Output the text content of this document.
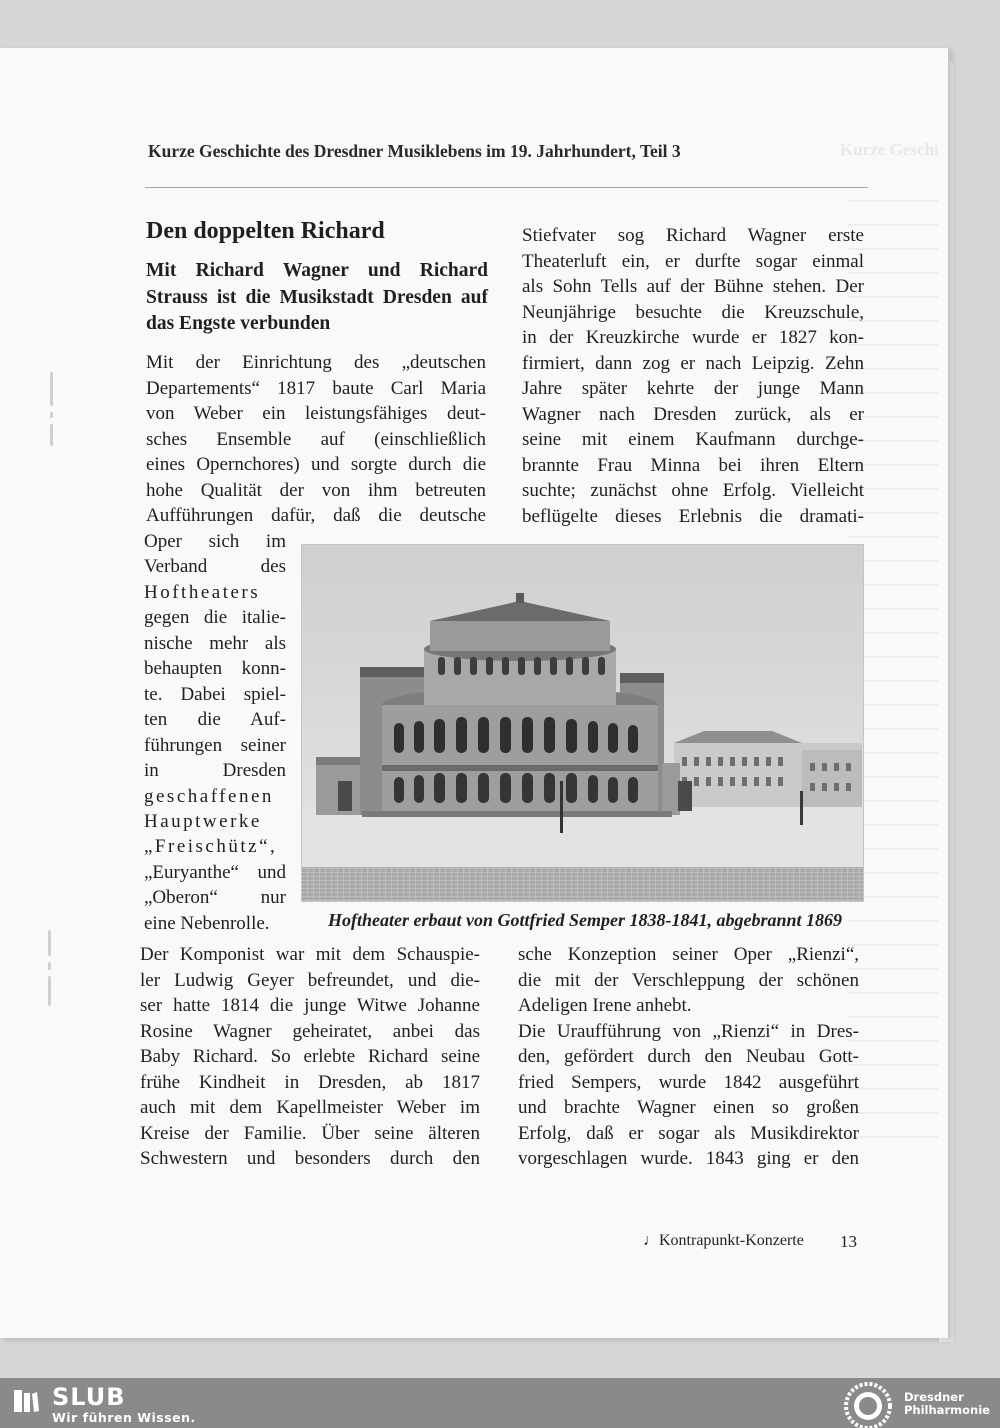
Kurze Geschi
Kurze Geschichte des Dresdner Musiklebens im 19. Jahrhundert, Teil 3
Den doppelten Richard
Mit Richard Wagner und Richard Strauss ist die Musikstadt Dresden auf das Engste verbunden
Mit der Einrichtung des „deutschen
Departements“ 1817 baute Carl Maria
von Weber ein leistungsfähiges deut-
sches Ensemble auf (einschließlich
eines Opernchores) und sorgte durch die
hohe Qualität der von ihm betreuten
Aufführungen dafür, daß die deutsche
Oper sich im
Verband des
Hoftheaters
gegen die italie-
nische mehr als
behaupten konn-
te. Dabei spiel-
ten die Auf-
führungen seiner
in Dresden
geschaffenen
Hauptwerke
„Freischütz“,
„Euryanthe“ und
„Oberon“ nur
eine Nebenrolle.
Der Komponist war mit dem Schauspie-
ler Ludwig Geyer befreundet, und die-
ser hatte 1814 die junge Witwe Johanne
Rosine Wagner geheiratet, anbei das
Baby Richard. So erlebte Richard seine
frühe Kindheit in Dresden, ab 1817
auch mit dem Kapellmeister Weber im
Kreise der Familie. Über seine älteren
Schwestern und besonders durch den
Stiefvater sog Richard Wagner erste
Theaterluft ein, er durfte sogar einmal
als Sohn Tells auf der Bühne stehen. Der
Neunjährige besuchte die Kreuzschule,
in der Kreuzkirche wurde er 1827 kon-
firmiert, dann zog er nach Leipzig. Zehn
Jahre später kehrte der junge Mann
Wagner nach Dresden zurück, als er
seine mit einem Kaufmann durchge-
brannte Frau Minna bei ihren Eltern
suchte; zunächst ohne Erfolg. Vielleicht
beflügelte dieses Erlebnis die dramati-
sche Konzeption seiner Oper „Rienzi“,
die mit der Verschleppung der schönen
Adeligen Irene anhebt.
Die Uraufführung von „Rienzi“ in Dres-
den, gefördert durch den Neubau Gott-
fried Sempers, wurde 1842 ausgeführt
und brachte Wagner einen so großen
Erfolg, daß er sogar als Musikdirektor
vorgeschlagen wurde. 1843 ging er den
Hoftheater erbaut von Gottfried Semper 1838-1841, abgebrannt 1869
♩Kontrapunkt-Konzerte 13
SLUB
Wir führen Wissen.
Dresdner
Philharmonie
